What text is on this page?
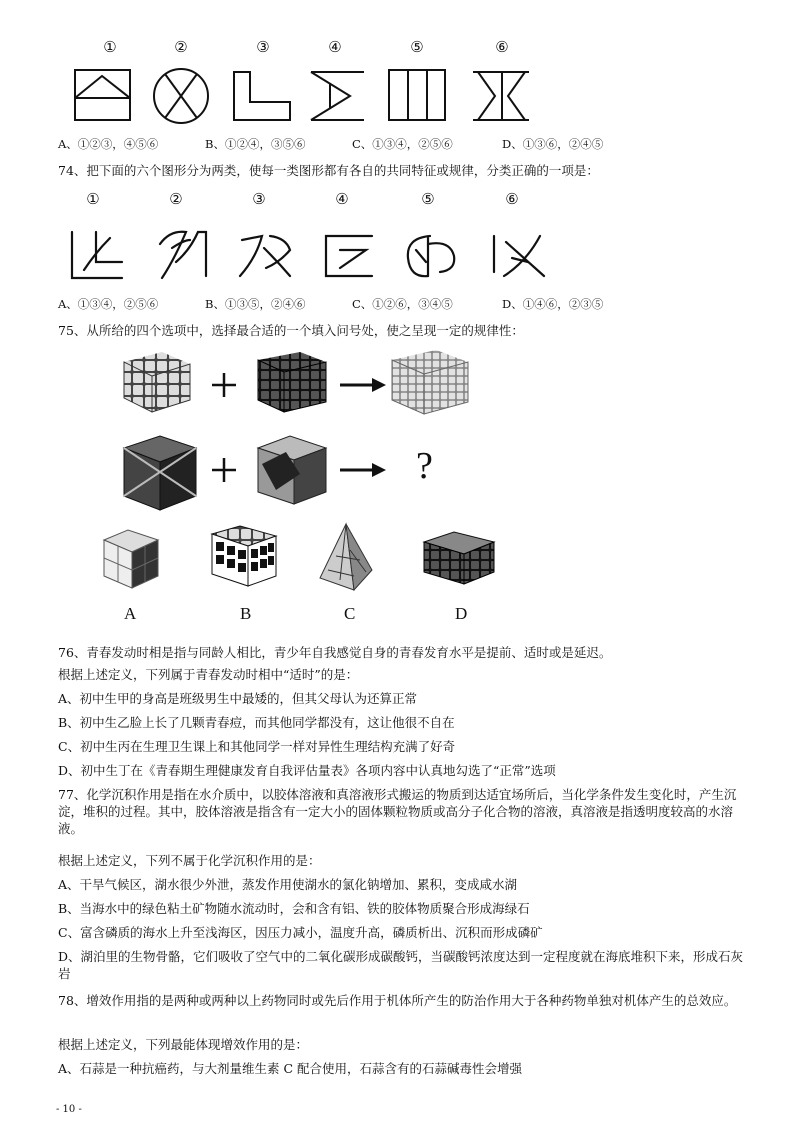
①	②	③	④	⑤	⑥
A、①②③，④⑤⑥	B、①②④，③⑤⑥	C、①③④，②⑤⑥	D、①③⑥，②④⑤
74、把下面的六个图形分为两类，使每一类图形都有各自的共同特征或规律，分类正确的一项是：
①	②	③	④	⑤	⑥
A、①③④，②⑤⑥	B、①③⑤，②④⑥	C、①②⑥，③④⑤	D、①④⑥，②③⑤
75、从所给的四个选项中，选择最合适的一个填入问号处，使之呈现一定的规律性：
?
A	B	C	D
76、青春发动时相是指与同龄人相比，青少年自我感觉自身的青春发育水平是提前、适时或是延迟。
根据上述定义，下列属于青春发动时相中“适时”的是：
A、初中生甲的身高是班级男生中最矮的，但其父母认为还算正常
B、初中生乙脸上长了几颗青春痘，而其他同学都没有，这让他很不自在
C、初中生丙在生理卫生课上和其他同学一样对异性生理结构充满了好奇
D、初中生丁在《青春期生理健康发育自我评估量表》各项内容中认真地勾选了“正常”选项
77、化学沉积作用是指在水介质中，以胶体溶液和真溶液形式搬运的物质到达适宜场所后，当化学条件发生变化时，产生沉淀，堆积的过程。其中，胶体溶液是指含有一定大小的固体颗粒物质或高分子化合物的溶液，真溶液是指透明度较高的水溶液。
根据上述定义，下列不属于化学沉积作用的是：
A、干旱气候区，湖水很少外泄，蒸发作用使湖水的氯化钠增加、累积，变成咸水湖
B、当海水中的绿色粘土矿物随水流动时，会和含有铝、铁的胶体物质聚合形成海绿石
C、富含磷质的海水上升至浅海区，因压力减小，温度升高，磷质析出、沉积而形成磷矿
D、湖泊里的生物骨骼，它们吸收了空气中的二氧化碳形成碳酸钙，当碳酸钙浓度达到一定程度就在海底堆积下来，形成石灰岩
78、增效作用指的是两种或两种以上药物同时或先后作用于机体所产生的防治作用大于各种药物单独对机体产生的总效应。
根据上述定义，下列最能体现增效作用的是：
A、石蒜是一种抗癌药，与大剂量维生素 C 配合使用，石蒜含有的石蒜碱毒性会增强
- 10 -
